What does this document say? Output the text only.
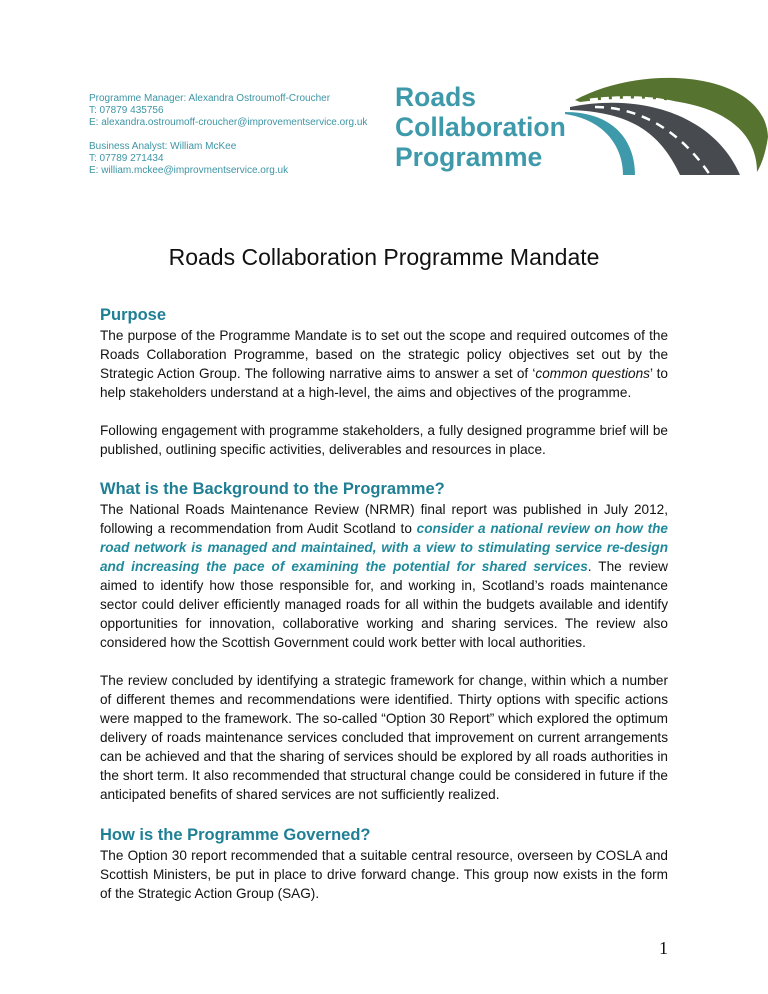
Programme Manager: Alexandra Ostroumoff-Croucher
T: 07879 435756
E: alexandra.ostroumoff-croucher@improvementservice.org.uk
Business Analyst: William McKee
T: 07789 271434
E: william.mckee@improvmentservice.org.uk
Roads
Collaboration
Programme
Roads Collaboration Programme Mandate
Purpose

The purpose of the Programme Mandate is to set out the scope and required outcomes of the Roads Collaboration Programme, based on the strategic policy objectives set out by the Strategic Action Group. The following narrative aims to answer a set of ‘common questions’ to help stakeholders understand at a high-level, the aims and objectives of the programme.

Following engagement with programme stakeholders, a fully designed programme brief will be published, outlining specific activities, deliverables and resources in place.

What is the Background to the Programme?

The National Roads Maintenance Review (NRMR) final report was published in July 2012, following a recommendation from Audit Scotland to consider a national review on how the road network is managed and maintained, with a view to stimulating service re-design and increasing the pace of examining the potential for shared services. The review aimed to identify how those responsible for, and working in, Scotland’s roads maintenance sector could deliver efficiently managed roads for all within the budgets available and identify opportunities for innovation, collaborative working and sharing services. The review also considered how the Scottish Government could work better with local authorities.

The review concluded by identifying a strategic framework for change, within which a number of different themes and recommendations were identified. Thirty options with specific actions were mapped to the framework. The so-called “Option 30 Report” which explored the optimum delivery of roads maintenance services concluded that improvement on current arrangements can be achieved and that the sharing of services should be explored by all roads authorities in the short term. It also recommended that structural change could be considered in future if the anticipated benefits of shared services are not sufficiently realized.

How is the Programme Governed?

The Option 30 report recommended that a suitable central resource, overseen by COSLA and Scottish Ministers, be put in place to drive forward change. This group now exists in the form of the Strategic Action Group (SAG).

1
